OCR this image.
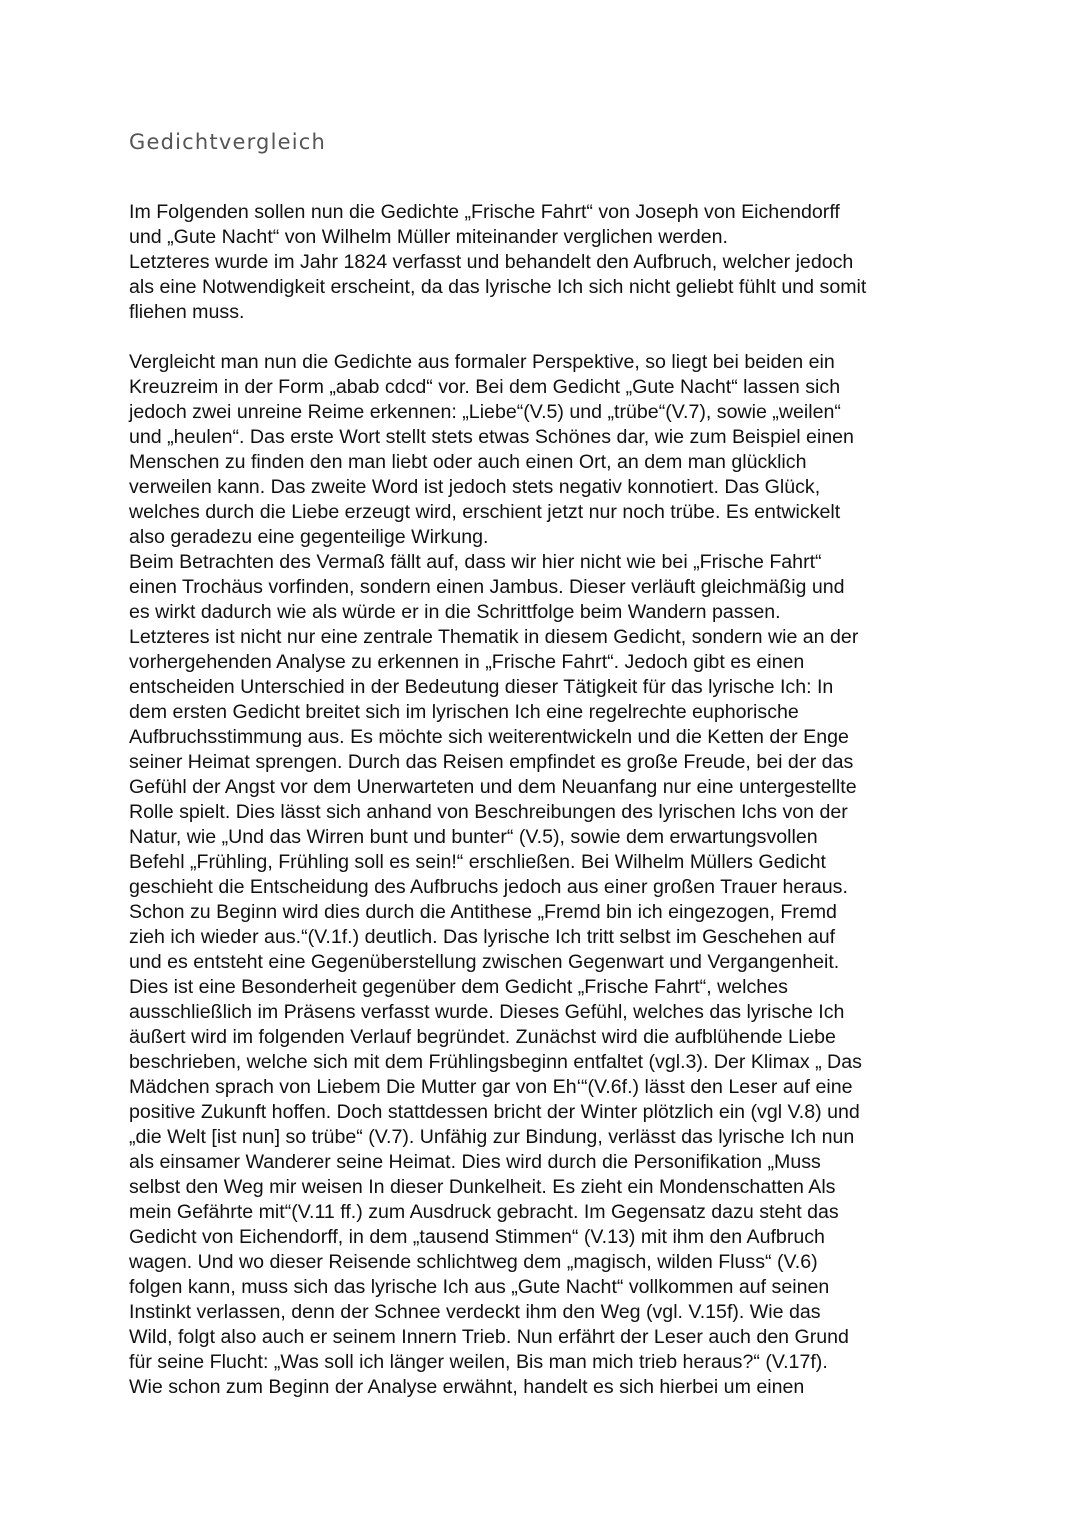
Gedichtvergleich
Im Folgenden sollen nun die Gedichte „Frische Fahrt“ von Joseph von Eichendorff
und „Gute Nacht“ von Wilhelm Müller miteinander verglichen werden.
Letzteres wurde im Jahr 1824 verfasst und behandelt den Aufbruch, welcher jedoch
als eine Notwendigkeit erscheint, da das lyrische Ich sich nicht geliebt fühlt und somit
fliehen muss.
Vergleicht man nun die Gedichte aus formaler Perspektive, so liegt bei beiden ein
Kreuzreim in der Form „abab cdcd“ vor. Bei dem Gedicht „Gute Nacht“ lassen sich
jedoch zwei unreine Reime erkennen: „Liebe“(V.5) und „trübe“(V.7), sowie „weilen“
und „heulen“. Das erste Wort stellt stets etwas Schönes dar, wie zum Beispiel einen
Menschen zu finden den man liebt oder auch einen Ort, an dem man glücklich
verweilen kann. Das zweite Word ist jedoch stets negativ konnotiert. Das Glück,
welches durch die Liebe erzeugt wird, erschient jetzt nur noch trübe. Es entwickelt
also geradezu eine gegenteilige Wirkung.
Beim Betrachten des Vermaß fällt auf, dass wir hier nicht wie bei „Frische Fahrt“
einen Trochäus vorfinden, sondern einen Jambus. Dieser verläuft gleichmäßig und
es wirkt dadurch wie als würde er in die Schrittfolge beim Wandern passen.
Letzteres ist nicht nur eine zentrale Thematik in diesem Gedicht, sondern wie an der
vorhergehenden Analyse zu erkennen in „Frische Fahrt“. Jedoch gibt es einen
entscheiden Unterschied in der Bedeutung dieser Tätigkeit für das lyrische Ich: In
dem ersten Gedicht breitet sich im lyrischen Ich eine regelrechte euphorische
Aufbruchsstimmung aus. Es möchte sich weiterentwickeln und die Ketten der Enge
seiner Heimat sprengen. Durch das Reisen empfindet es große Freude, bei der das
Gefühl der Angst vor dem Unerwarteten und dem Neuanfang nur eine untergestellte
Rolle spielt. Dies lässt sich anhand von Beschreibungen des lyrischen Ichs von der
Natur, wie „Und das Wirren bunt und bunter“ (V.5), sowie dem erwartungsvollen
Befehl „Frühling, Frühling soll es sein!“ erschließen. Bei Wilhelm Müllers Gedicht
geschieht die Entscheidung des Aufbruchs jedoch aus einer großen Trauer heraus.
Schon zu Beginn wird dies durch die Antithese „Fremd bin ich eingezogen, Fremd
zieh ich wieder aus.“(V.1f.) deutlich. Das lyrische Ich tritt selbst im Geschehen auf
und es entsteht eine Gegenüberstellung zwischen Gegenwart und Vergangenheit.
Dies ist eine Besonderheit gegenüber dem Gedicht „Frische Fahrt“, welches
ausschließlich im Präsens verfasst wurde. Dieses Gefühl, welches das lyrische Ich
äußert wird im folgenden Verlauf begründet. Zunächst wird die aufblühende Liebe
beschrieben, welche sich mit dem Frühlingsbeginn entfaltet (vgl.3). Der Klimax „ Das
Mädchen sprach von Liebem Die Mutter gar von Eh‘“(V.6f.) lässt den Leser auf eine
positive Zukunft hoffen. Doch stattdessen bricht der Winter plötzlich ein (vgl V.8) und
„die Welt [ist nun] so trübe“ (V.7). Unfähig zur Bindung, verlässt das lyrische Ich nun
als einsamer Wanderer seine Heimat. Dies wird durch die Personifikation „Muss
selbst den Weg mir weisen In dieser Dunkelheit. Es zieht ein Mondenschatten Als
mein Gefährte mit“(V.11 ff.) zum Ausdruck gebracht. Im Gegensatz dazu steht das
Gedicht von Eichendorff, in dem „tausend Stimmen“ (V.13) mit ihm den Aufbruch
wagen. Und wo dieser Reisende schlichtweg dem „magisch, wilden Fluss“ (V.6)
folgen kann, muss sich das lyrische Ich aus „Gute Nacht“ vollkommen auf seinen
Instinkt verlassen, denn der Schnee verdeckt ihm den Weg (vgl. V.15f). Wie das
Wild, folgt also auch er seinem Innern Trieb. Nun erfährt der Leser auch den Grund
für seine Flucht: „Was soll ich länger weilen, Bis man mich trieb heraus?“ (V.17f).
Wie schon zum Beginn der Analyse erwähnt, handelt es sich hierbei um einen
